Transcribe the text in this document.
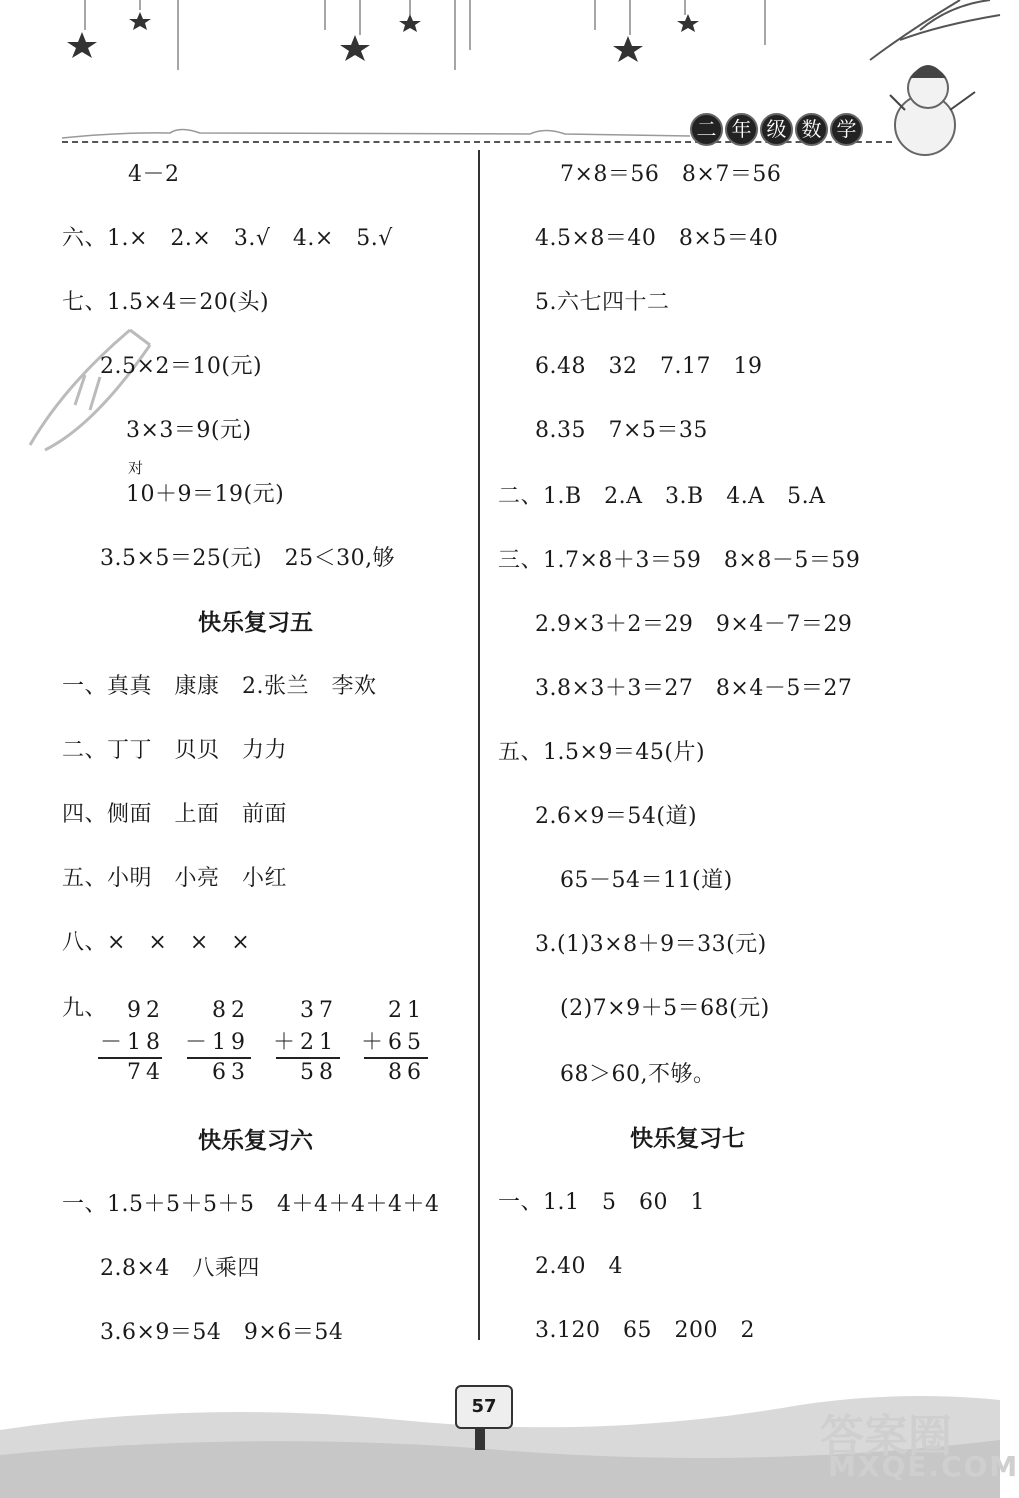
二 年 级 数 学
4－2
六、1.×　2.×　3.√　4.×　5.√
七、1.5×4＝20(头)
2.5×2＝10(元)
3×3＝9(元)
对
10＋9＝19(元)
3.5×5＝25(元)　25＜30,够
快乐复习五
一、真真　康康　2.张兰　李欢
二、丁丁　贝贝　力力
四、侧面　上面　前面
五、小明　小亮　小红
八、×　×　×　×
九、 92
－18
74
82
－19
63
37
＋21
58
21
＋65
86
快乐复习六
一、1.5＋5＋5＋5　4＋4＋4＋4＋4
2.8×4　八乘四
3.6×9＝54　9×6＝54
7×8＝56　8×7＝56
4.5×8＝40　8×5＝40
5.六七四十二
6.48　32　7.17　19
8.35　7×5＝35
二、1.B　2.A　3.B　4.A　5.A
三、1.7×8＋3＝59　8×8－5＝59
2.9×3＋2＝29　9×4－7＝29
3.8×3＋3＝27　8×4－5＝27
五、1.5×9＝45(片)
2.6×9＝54(道)
65－54＝11(道)
3.(1)3×8＋9＝33(元)
(2)7×9＋5＝68(元)
68＞60,不够。
快乐复习七
一、1.1　5　60　1
2.40　4
3.120　65　200　2
57
答案圈
MXQE.COM
